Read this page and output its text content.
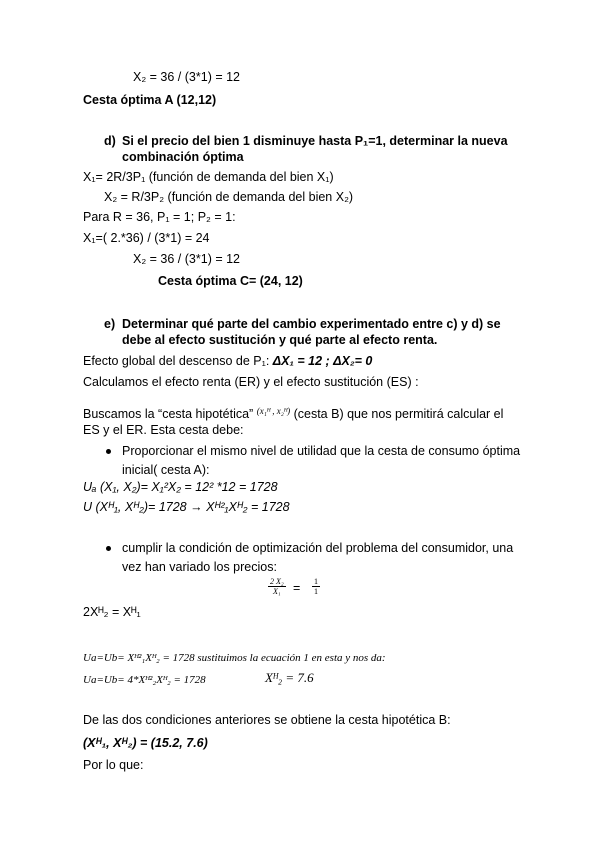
X₂ = 36 / (3*1) = 12
Cesta óptima A (12,12)
d) Si el precio del bien 1 disminuye hasta P₁=1, determinar la nueva
combinación óptima
X₁= 2R/3P₁ (función de demanda del bien X₁)
X₂ = R/3P₂ (función de demanda del bien X₂)
Para R = 36, P₁ = 1; P₂ = 1:
X₁=( 2.*36) / (3*1) = 24
X₂ = 36 / (3*1) = 12
Cesta óptima C= (24, 12)
e) Determinar qué parte del cambio experimentado entre c) y d) se
debe al efecto sustitución y qué parte al efecto renta.
Efecto global del descenso de P₁: ΔX₁ = 12 ; ΔX₂= 0
Calculamos el efecto renta (ER) y el efecto sustitución (ES) :
Buscamos la “cesta hipotética” $^{(x_1ᴴ , x_2ᴴ)}$ (cesta B) que nos permitirá calcular el
ES y el ER. Esta cesta debe:
Proporcionar el mismo nivel de utilidad que la cesta de consumo óptima
inicial( cesta A):
Uₐ (X₁, X₂)= X₁²X₂ = 12² *12 = 1728
U (Xᴴ₁, Xᴴ₂)= 1728 → Xᴴ²₁Xᴴ₂ = 1728
cumplir la condición de optimización del problema del consumidor, una
vez han variado los precios:
$\frac{\text{2 X₂}}{\text{X₁}} = \frac{1}{1}$
2Xᴴ₂ = Xᴴ₁
Ua=Ub= Xᴴ²₁Xᴴ₂ = 1728 sustituimos la ecuación 1 en esta y nos da:
Ua=Ub= 4*Xᴴ²₂Xᴴ₂ = 1728	Xᴴ₂ = 7.6
De las dos condiciones anteriores se obtiene la cesta hipotética B:
(Xᴴ₁, Xᴴ₂) = (15.2, 7.6)
Por lo que:
